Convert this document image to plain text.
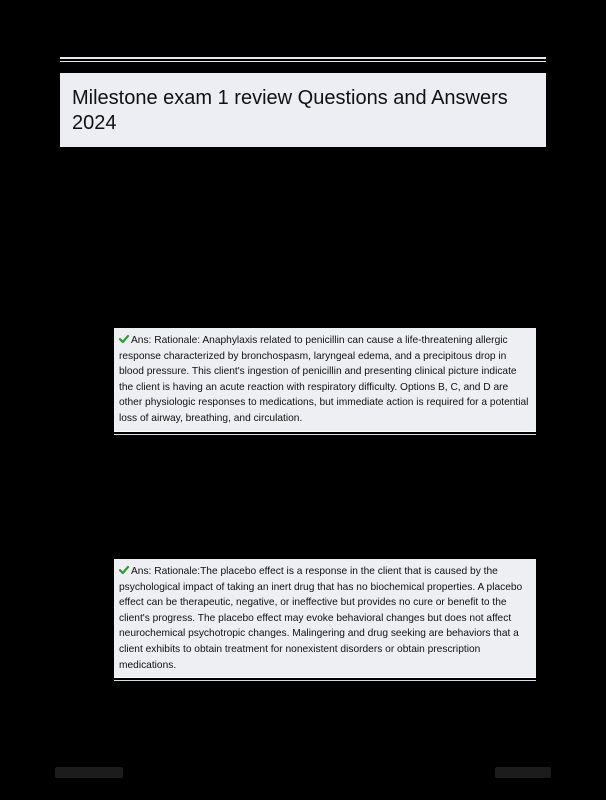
Milestone exam 1 review Questions and Answers 2024
Ans: Rationale: Anaphylaxis related to penicillin can cause a life-threatening allergic response characterized by bronchospasm, laryngeal edema, and a precipitous drop in blood pressure. This client's ingestion of penicillin and presenting clinical picture indicate the client is having an acute reaction with respiratory difficulty. Options B, C, and D are other physiologic responses to medications, but immediate action is required for a potential loss of airway, breathing, and circulation.
Ans: Rationale:The placebo effect is a response in the client that is caused by the psychological impact of taking an inert drug that has no biochemical properties. A placebo effect can be therapeutic, negative, or ineffective but provides no cure or benefit to the client's progress. The placebo effect may evoke behavioral changes but does not affect neurochemical psychotropic changes. Malingering and drug seeking are behaviors that a client exhibits to obtain treatment for nonexistent disorders or obtain prescription medications.
